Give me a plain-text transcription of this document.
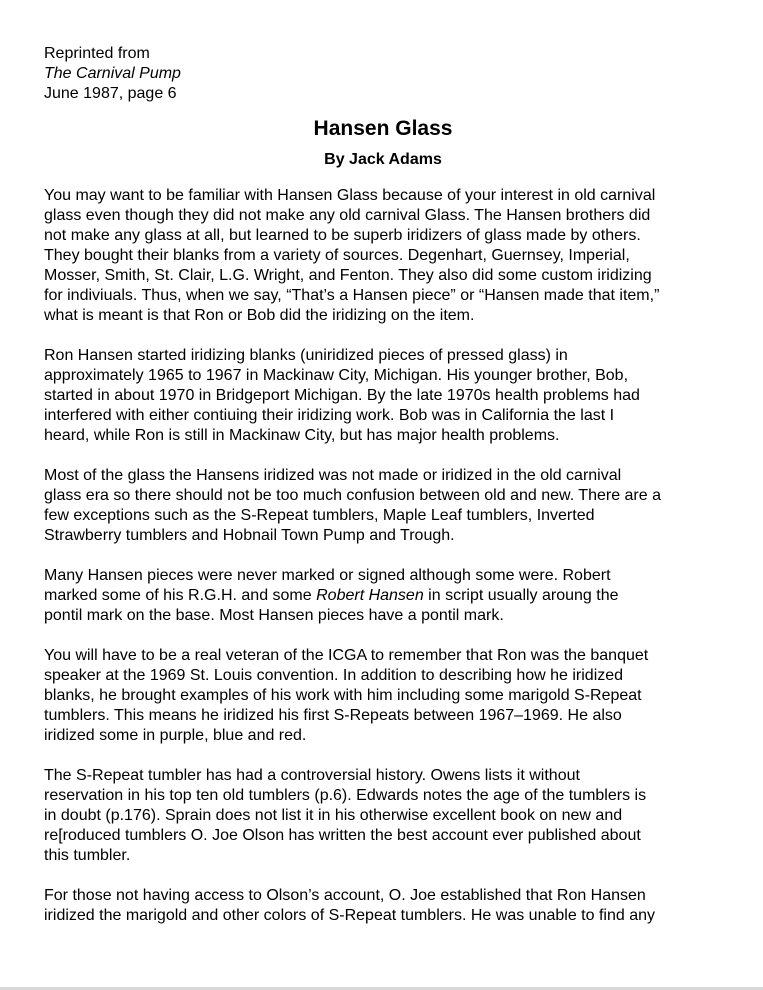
Reprinted from
The Carnival Pump
June 1987, page 6
Hansen Glass
By Jack Adams

You may want to be familiar with Hansen Glass because of your interest in old carnival
glass even though they did not make any old carnival Glass. The Hansen brothers did
not make any glass at all, but learned to be superb iridizers of glass made by others.
They bought their blanks from a variety of sources. Degenhart, Guernsey, Imperial,
Mosser, Smith, St. Clair, L.G. Wright, and Fenton. They also did some custom iridizing
for indiviuals. Thus, when we say, “That’s a Hansen piece” or “Hansen made that item,”
what is meant is that Ron or Bob did the iridizing on the item.

Ron Hansen started iridizing blanks (uniridized pieces of pressed glass) in
approximately 1965 to 1967 in Mackinaw City, Michigan. His younger brother, Bob,
started in about 1970 in Bridgeport Michigan. By the late 1970s health problems had
interfered with either contiuing their iridizing work. Bob was in California the last I
heard, while Ron is still in Mackinaw City, but has major health problems.

Most of the glass the Hansens iridized was not made or iridized in the old carnival
glass era so there should not be too much confusion between old and new. There are a
few exceptions such as the S-Repeat tumblers, Maple Leaf tumblers, Inverted
Strawberry tumblers and Hobnail Town Pump and Trough.

Many Hansen pieces were never marked or signed although some were. Robert
marked some of his R.G.H. and some Robert Hansen in script usually aroung the
pontil mark on the base. Most Hansen pieces have a pontil mark.

You will have to be a real veteran of the ICGA to remember that Ron was the banquet
speaker at the 1969 St. Louis convention. In addition to describing how he iridized
blanks, he brought examples of his work with him including some marigold S-Repeat
tumblers. This means he iridized his first S-Repeats between 1967–1969. He also
iridized some in purple, blue and red.

The S-Repeat tumbler has had a controversial history. Owens lists it without
reservation in his top ten old tumblers (p.6). Edwards notes the age of the tumblers is
in doubt (p.176). Sprain does not list it in his otherwise excellent book on new and
re[roduced tumblers O. Joe Olson has written the best account ever published about
this tumbler.

For those not having access to Olson’s account, O. Joe established that Ron Hansen
iridized the marigold and other colors of S-Repeat tumblers. He was unable to find any
